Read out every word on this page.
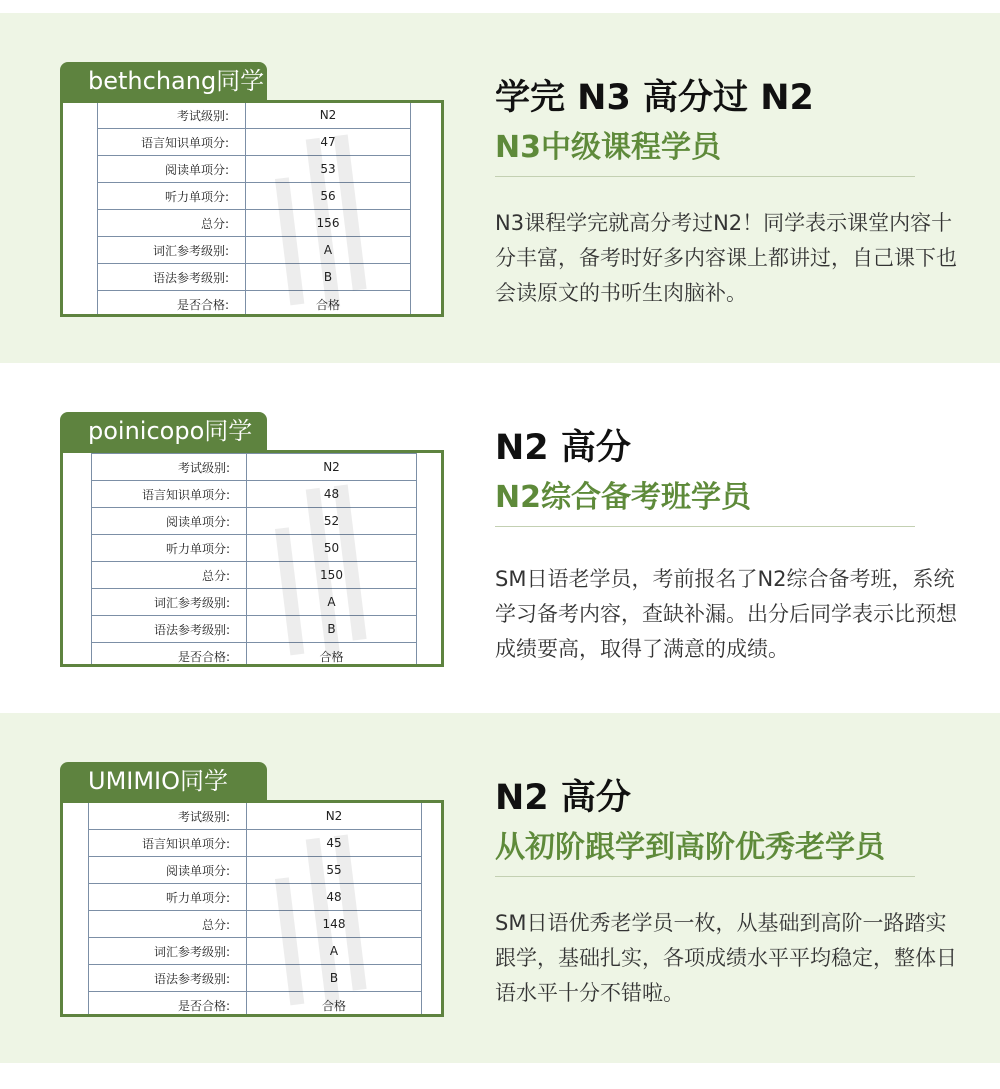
bethchang同学
考试级别:	N2
语言知识单项分:	47
阅读单项分:	53
听力单项分:	56
总分:	156
词汇参考级别:	A
语法参考级别:	B
是否合格:	合格
学完 N3 高分过 N2
N3中级课程学员
N3课程学完就高分考过N2！同学表示课堂内容十分丰富，备考时好多内容课上都讲过，自己课下也会读原文的书听生肉脑补。
poinicopo同学
考试级别:	N2
语言知识单项分:	48
阅读单项分:	52
听力单项分:	50
总分:	150
词汇参考级别:	A
语法参考级别:	B
是否合格:	合格
N2 高分
N2综合备考班学员
SM日语老学员，考前报名了N2综合备考班，系统学习备考内容，查缺补漏。出分后同学表示比预想成绩要高，取得了满意的成绩。
UMIMIO同学
考试级别:	N2
语言知识单项分:	45
阅读单项分:	55
听力单项分:	48
总分:	148
词汇参考级别:	A
语法参考级别:	B
是否合格:	合格
N2 高分
从初阶跟学到高阶优秀老学员
SM日语优秀老学员一枚，从基础到高阶一路踏实跟学，基础扎实，各项成绩水平平均稳定，整体日语水平十分不错啦。
